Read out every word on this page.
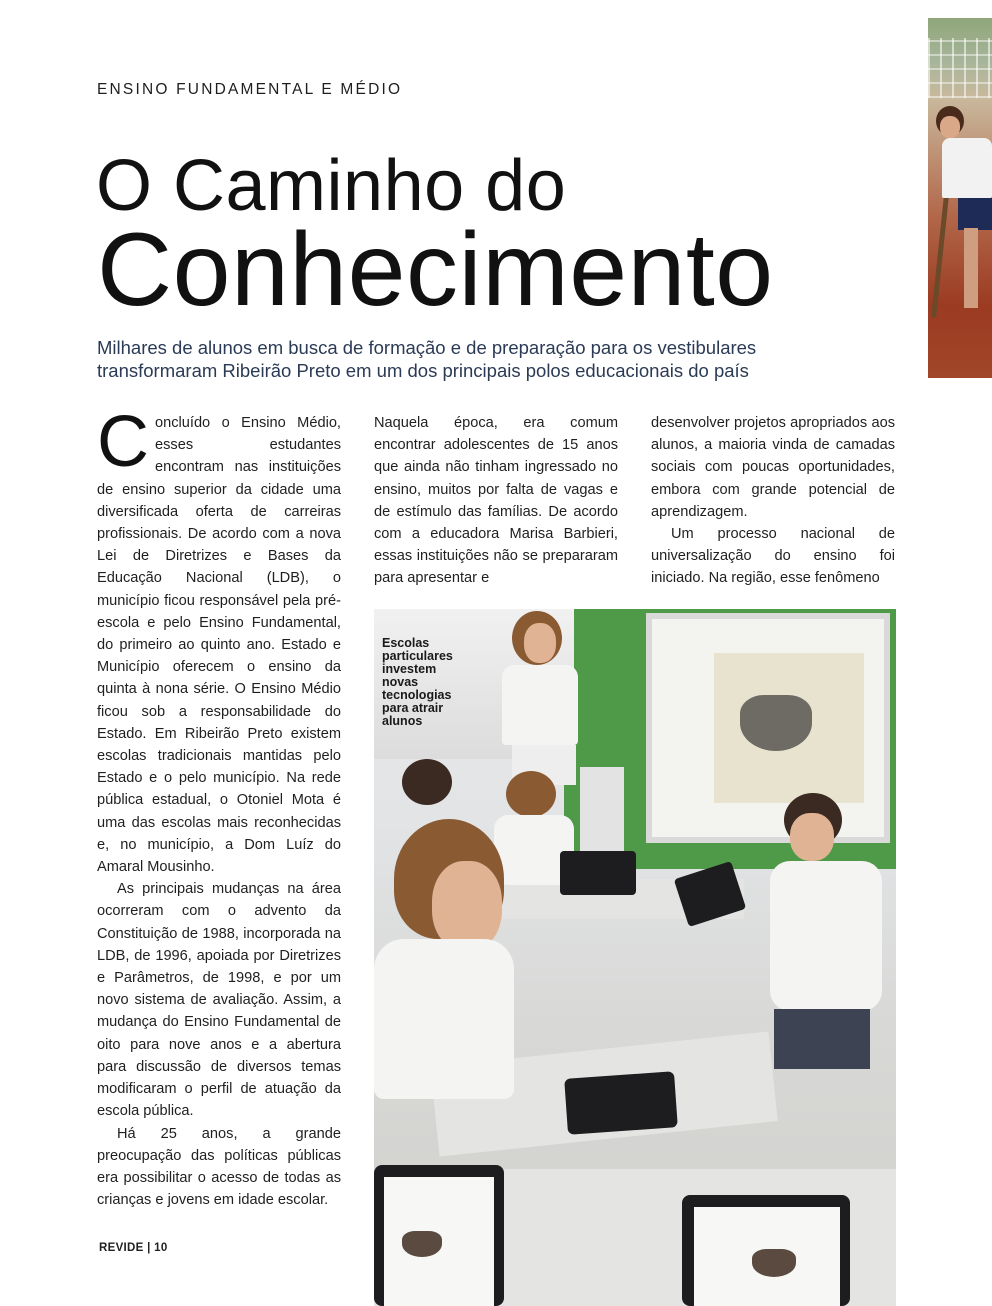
ENSINO FUNDAMENTAL E MÉDIO
O Caminho do
Conhecimento
Milhares de alunos em busca de formação e de preparação para os vestibulares transformaram Ribeirão Preto em um dos principais polos educacionais do país

Concluído o Ensino Médio, esses estudantes encontram nas instituições de ensino superior da cidade uma diversificada oferta de carreiras profissionais. De acordo com a nova Lei de Diretrizes e Bases da Educação Nacional (LDB), o município ficou responsável pela pré-escola e pelo Ensino Fundamental, do primeiro ao quinto ano. Estado e Município oferecem o ensino da quinta à nona série. O Ensino Médio ficou sob a responsabilidade do Estado. Em Ribeirão Preto existem escolas tradicionais mantidas pelo Estado e o pelo município. Na rede pública estadual, o Otoniel Mota é uma das escolas mais reconhecidas e, no município, a Dom Luíz do Amaral Mousinho.

As principais mudanças na área ocorreram com o advento da Constituição de 1988, incorporada na LDB, de 1996, apoiada por Diretrizes e Parâmetros, de 1998, e por um novo sistema de avaliação. Assim, a mudança do Ensino Fundamental de oito para nove anos e a abertura para discussão de diversos temas modificaram o perfil de atuação da escola pública.

Há 25 anos, a grande preocupação das políticas públicas era possibilitar o acesso de todas as crianças e jovens em idade escolar.

Naquela época, era comum encontrar adolescentes de 15 anos que ainda não tinham ingressado no ensino, muitos por falta de vagas e de estímulo das famílias. De acordo com a educadora Marisa Barbieri, essas instituições não se prepararam para apresentar e

desenvolver projetos apropriados aos alunos, a maioria vinda de camadas sociais com poucas oportunidades, embora com grande potencial de aprendizagem.

Um processo nacional de universalização do ensino foi iniciado. Na região, esse fenômeno

Escolas particulares investem novas tecnologias para atrair alunos
REVIDE | 10
